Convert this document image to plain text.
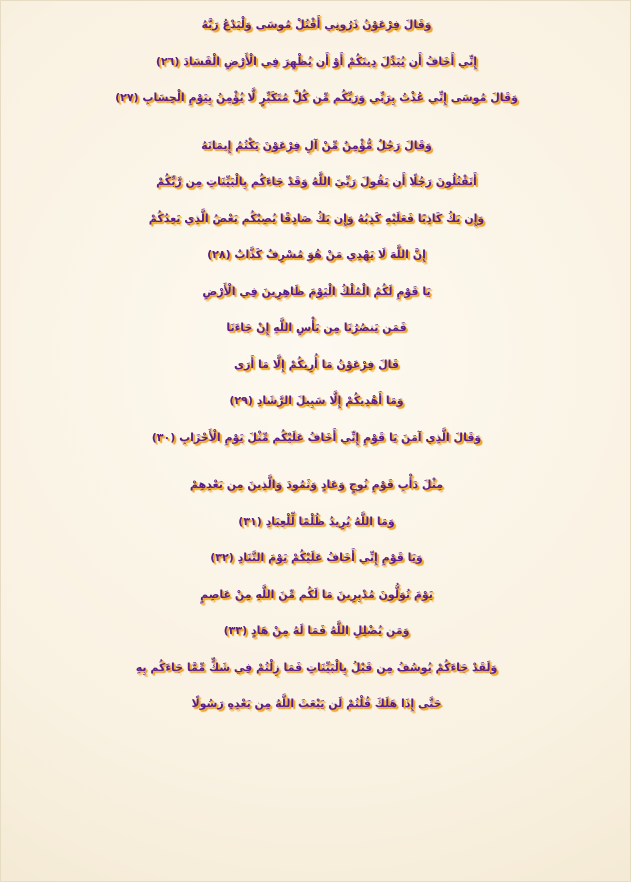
وَقَالَ فِرْعَوْنُ ذَرُونِي أَقْتُلْ مُوسَى وَلْيَدْعُ رَبَّهُ
إِنِّي أَخَافُ أَن يُبَدِّلَ دِينَكُمْ أَوْ أَن يُظْهِرَ فِي الْأَرْضِ الْفَسَادَ (٢٦)
وَقَالَ مُوسَى إِنِّي عُذْتُ بِرَبِّي وَرَبِّكُم مِّن كُلِّ مُتَكَبِّرٍ لَّا يُؤْمِنُ بِيَوْمِ الْحِسَابِ (٢٧)
وَقَالَ رَجُلٌ مُّؤْمِنٌ مِّنْ آلِ فِرْعَوْنَ يَكْتُمُ إِيمَانَهُ
أَتَقْتُلُونَ رَجُلًا أَن يَقُولَ رَبِّيَ اللَّهُ وَقَدْ جَاءَكُم بِالْبَيِّنَاتِ مِن رَّبِّكُمْ
وَإِن يَكُ كَاذِبًا فَعَلَيْهِ كَذِبُهُ وَإِن يَكُ صَادِقًا يُصِبْكُم بَعْضُ الَّذِي يَعِدُكُمْ
إِنَّ اللَّهَ لَا يَهْدِي مَنْ هُوَ مُسْرِفٌ كَذَّابٌ (٢٨)
يَا قَوْمِ لَكُمُ الْمُلْكُ الْيَوْمَ ظَاهِرِينَ فِي الْأَرْضِ
فَمَن يَنصُرُنَا مِن بَأْسِ اللَّهِ إِنْ جَاءَنَا
قَالَ فِرْعَوْنُ مَا أُرِيكُمْ إِلَّا مَا أَرَى
وَمَا أَهْدِيكُمْ إِلَّا سَبِيلَ الرَّشَادِ (٢٩)
وَقَالَ الَّذِي آمَنَ يَا قَوْمِ إِنِّي أَخَافُ عَلَيْكُم مِّثْلَ يَوْمِ الْأَحْزَابِ (٣٠)
مِثْلَ دَأْبِ قَوْمِ نُوحٍ وَعَادٍ وَثَمُودَ وَالَّذِينَ مِن بَعْدِهِمْ
وَمَا اللَّهُ يُرِيدُ ظُلْمًا لِّلْعِبَادِ (٣١)
وَيَا قَوْمِ إِنِّي أَخَافُ عَلَيْكُمْ يَوْمَ التَّنَادِ (٣٢)
يَوْمَ تُوَلُّونَ مُدْبِرِينَ مَا لَكُم مِّنَ اللَّهِ مِنْ عَاصِمٍ
وَمَن يُضْلِلِ اللَّهُ فَمَا لَهُ مِنْ هَادٍ (٣٣)
وَلَقَدْ جَاءَكُمْ يُوسُفُ مِن قَبْلُ بِالْبَيِّنَاتِ فَمَا زِلْتُمْ فِي شَكٍّ مِّمَّا جَاءَكُم بِهِ
حَتَّى إِذَا هَلَكَ قُلْتُمْ لَن يَبْعَثَ اللَّهُ مِن بَعْدِهِ رَسُولًا
